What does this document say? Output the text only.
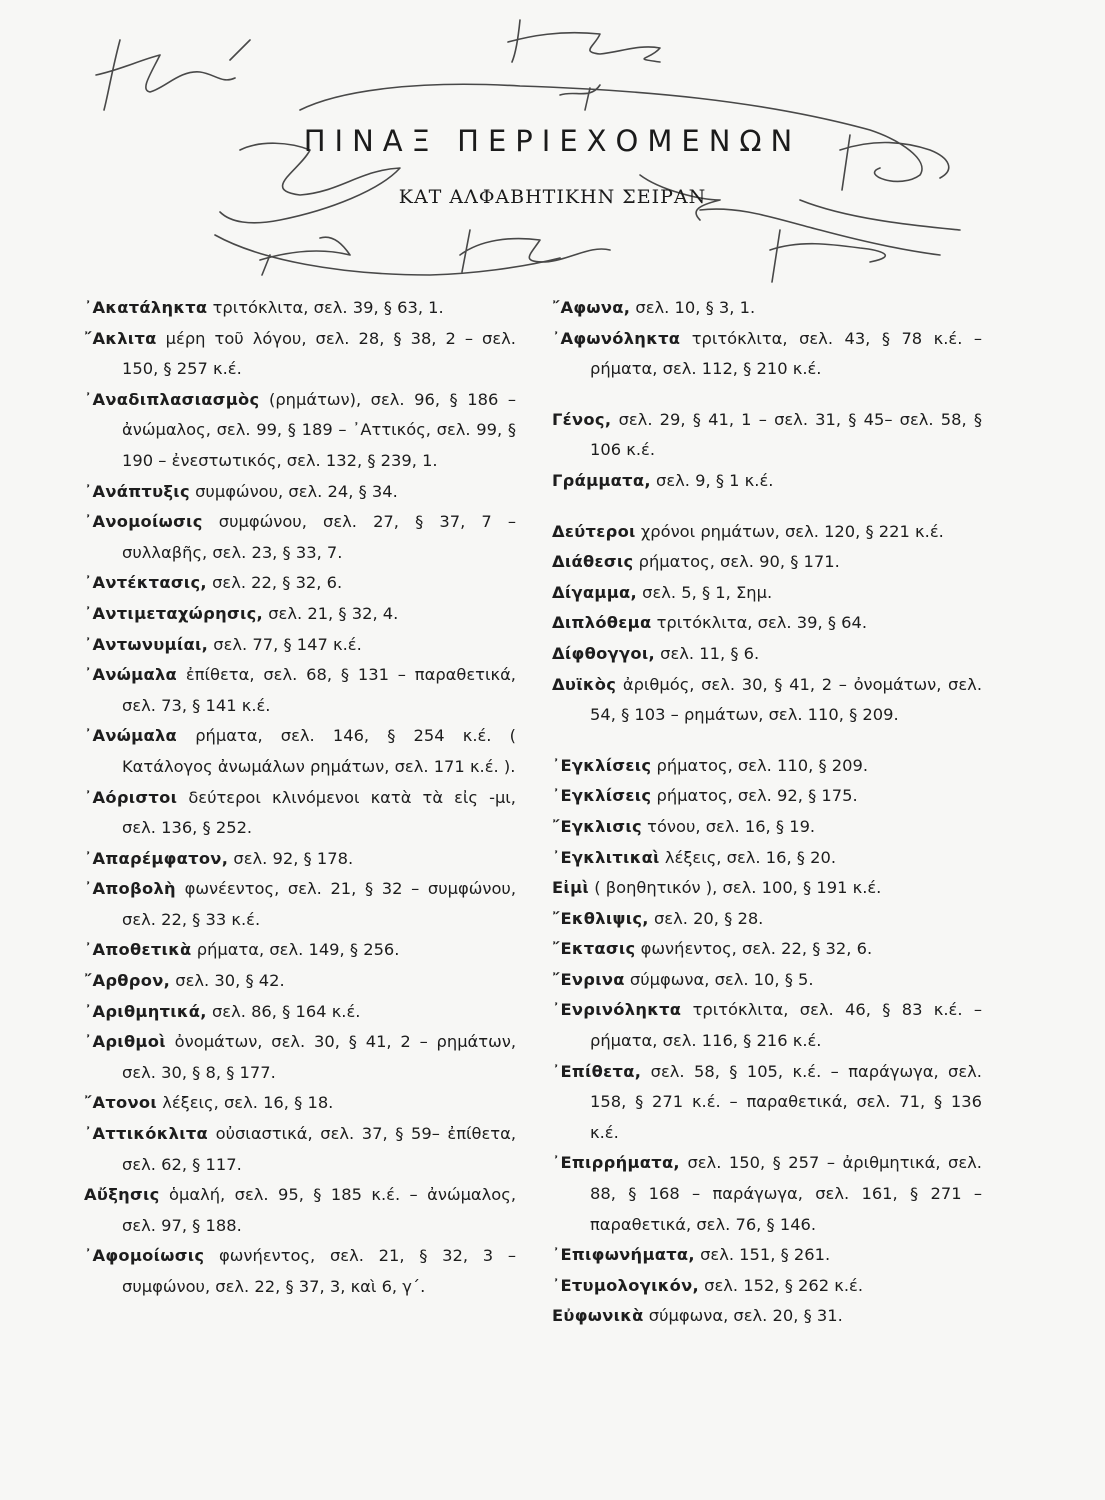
ΠΙΝΑΞ ΠΕΡΙΕΧΟΜΕΝΩΝ

ΚΑΤ ΑΛΦΑΒΗΤΙΚΗΝ ΣΕΙΡΑΝ

᾿Ακατάληκτα τριτόκλιτα, σελ. 39, § 63, 1.

῎Ακλιτα μέρη τοῦ λόγου, σελ. 28, § 38, 2 – σελ. 150, § 257 κ.έ.

᾿Αναδιπλασιασμὸς (ρημάτων), σελ. 96, § 186 – ἀνώμαλος, σελ. 99, § 189 – ᾿Αττικός, σελ. 99, § 190 – ἐνεστωτικός, σελ. 132, § 239, 1.

᾿Ανάπτυξις συμφώνου, σελ. 24, § 34.

᾿Ανομοίωσις συμφώνου, σελ. 27, § 37, 7 – συλλαβῆς, σελ. 23, § 33, 7.

᾿Αντέκτασις, σελ. 22, § 32, 6.

᾿Αντιμεταχώρησις, σελ. 21, § 32, 4.

᾿Αντωνυμίαι, σελ. 77, § 147 κ.έ.

᾿Ανώμαλα ἐπίθετα, σελ. 68, § 131 – παραθετικά, σελ. 73, § 141 κ.έ.

᾿Ανώμαλα ρήματα, σελ. 146, § 254 κ.έ. ( Κατάλογος ἀνωμάλων ρημάτων, σελ. 171 κ.έ. ).

᾿Αόριστοι δεύτεροι κλινόμενοι κατὰ τὰ εἰς -μι, σελ. 136, § 252.

᾿Απαρέμφατον, σελ. 92, § 178.

᾿Αποβολὴ φωνέεντος, σελ. 21, § 32 – συμφώνου, σελ. 22, § 33 κ.έ.

᾿Αποθετικὰ ρήματα, σελ. 149, § 256.

῎Αρθρον, σελ. 30, § 42.

᾿Αριθμητικά, σελ. 86, § 164 κ.έ.

᾿Αριθμοὶ ὀνομάτων, σελ. 30, § 41, 2 – ρημάτων, σελ. 30, § 8, § 177.

῎Ατονοι λέξεις, σελ. 16, § 18.

᾿Αττικόκλιτα οὐσιαστικά, σελ. 37, § 59– ἐπίθετα, σελ. 62, § 117.

Αὔξησις ὁμαλή, σελ. 95, § 185 κ.έ. – ἀνώμαλος, σελ. 97, § 188.

᾿Αφομοίωσις φωνήεντος, σελ. 21, § 32, 3 – συμφώνου, σελ. 22, § 37, 3, καὶ 6, γ΄.

῎Αφωνα, σελ. 10, § 3, 1.

᾿Αφωνόληκτα τριτόκλιτα, σελ. 43, § 78 κ.έ. – ρήματα, σελ. 112, § 210 κ.έ.

Γένος, σελ. 29, § 41, 1 – σελ. 31, § 45– σελ. 58, § 106 κ.έ.

Γράμματα, σελ. 9, § 1 κ.έ.

Δεύτεροι χρόνοι ρημάτων, σελ. 120, § 221 κ.έ.

Διάθεσις ρήματος, σελ. 90, § 171.

Δίγαμμα, σελ. 5, § 1, Σημ.

Διπλόθεμα τριτόκλιτα, σελ. 39, § 64.

Δίφθογγοι, σελ. 11, § 6.

Δυϊκὸς ἀριθμός, σελ. 30, § 41, 2 – ὀνομάτων, σελ. 54, § 103 – ρημάτων, σελ. 110, § 209.

᾿Εγκλίσεις ρήματος, σελ. 110, § 209.

᾿Εγκλίσεις ρήματος, σελ. 92, § 175.

῎Εγκλισις τόνου, σελ. 16, § 19.

᾿Εγκλιτικαὶ λέξεις, σελ. 16, § 20.

Εἰμὶ ( βοηθητικόν ), σελ. 100, § 191 κ.έ.

῎Εκθλιψις, σελ. 20, § 28.

῎Εκτασις φωνήεντος, σελ. 22, § 32, 6.

῎Ενρινα σύμφωνα, σελ. 10, § 5.

᾿Ενρινόληκτα τριτόκλιτα, σελ. 46, § 83 κ.έ. – ρήματα, σελ. 116, § 216 κ.έ.

᾿Επίθετα, σελ. 58, § 105, κ.έ. – παράγωγα, σελ. 158, § 271 κ.έ. – παραθετικά, σελ. 71, § 136 κ.έ.

᾿Επιρρήματα, σελ. 150, § 257 – ἀριθμητικά, σελ. 88, § 168 – παράγωγα, σελ. 161, § 271 – παραθετικά, σελ. 76, § 146.

᾿Επιφωνήματα, σελ. 151, § 261.

᾿Ετυμολογικόν, σελ. 152, § 262 κ.έ.

Εὐφωνικὰ σύμφωνα, σελ. 20, § 31.
